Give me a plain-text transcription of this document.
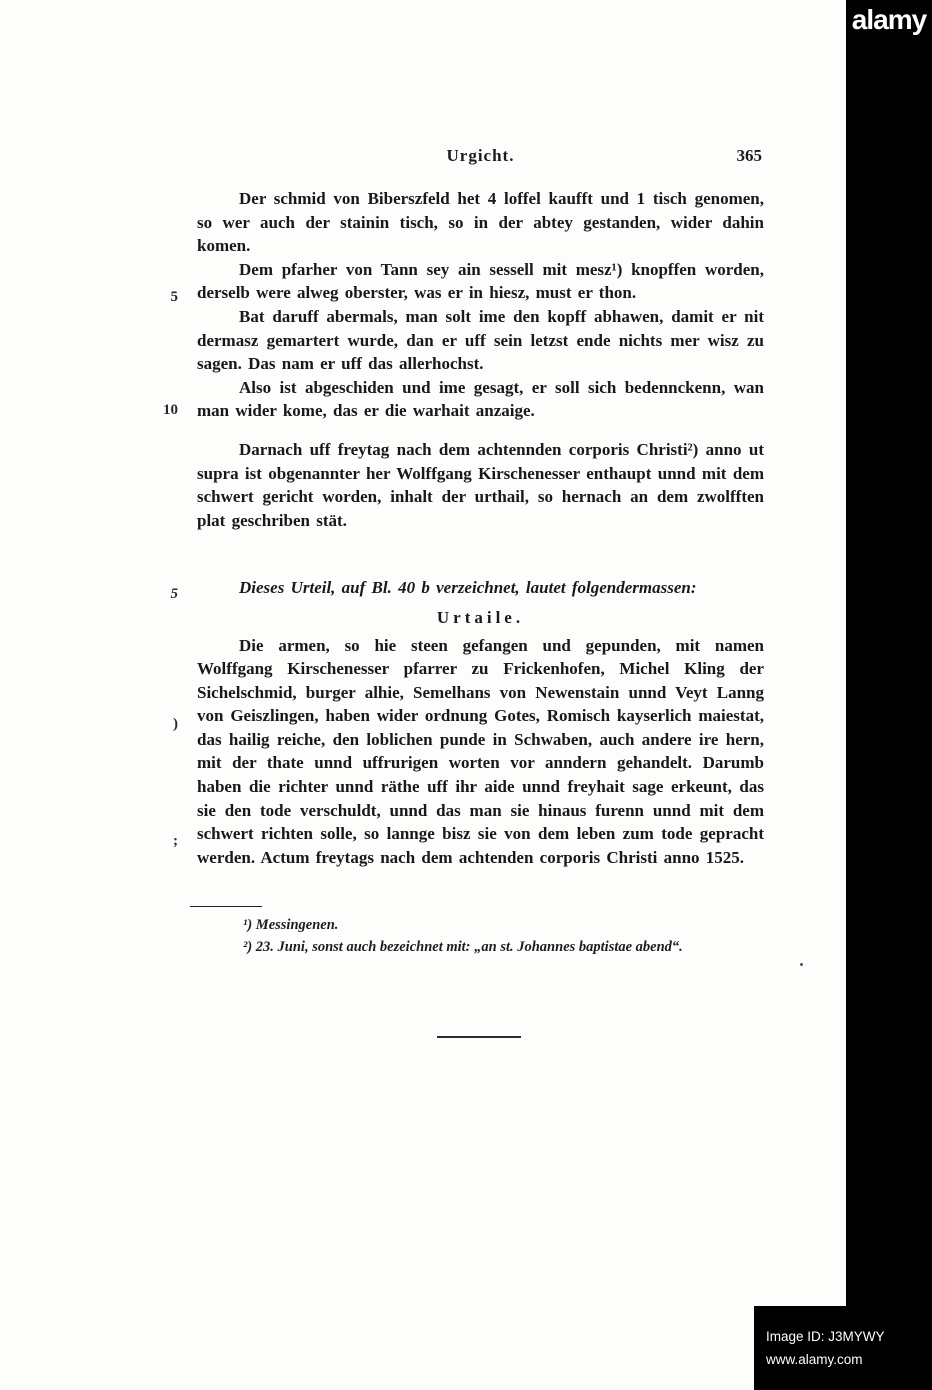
Urgicht.	365
5
10
5
)
;

Der schmid von Biberszfeld het 4 loffel kaufft und 1 tisch genomen, so wer auch der stainin tisch, so in der abtey gestanden, wider dahin komen.

Dem pfarher von Tann sey ain sessell mit mesz¹) knopffen worden, derselb were alweg oberster, was er in hiesz, must er thon.

Bat daruff abermals, man solt ime den kopff abhawen, damit er nit dermasz gemartert wurde, dan er uff sein letzst ende nichts mer wisz zu sagen. Das nam er uff das allerhochst.

Also ist abgeschiden und ime gesagt, er soll sich bedennckenn, wan man wider kome, das er die warhait anzaige.

Darnach uff freytag nach dem achtennden corporis Christi²) anno ut supra ist obgenannter her Wolffgang Kirschenesser enthaupt unnd mit dem schwert gericht worden, inhalt der urthail, so hernach an dem zwolfften plat geschriben stät.

Dieses Urteil, auf Bl. 40 b verzeichnet, lautet folgendermassen:

Urtaile.

Die armen, so hie steen gefangen und gepunden, mit namen Wolffgang Kirschenesser pfarrer zu Frickenhofen, Michel Kling der Sichelschmid, burger alhie, Semelhans von Newenstain unnd Veyt Lanng von Geiszlingen, haben wider ordnung Gotes, Romisch kayserlich maiestat, das hailig reiche, den loblichen punde in Schwaben, auch andere ire hern, mit der thate unnd uffrurigen worten vor anndern gehandelt. Darumb haben die richter unnd räthe uff ihr aide unnd freyhait sage erkeunt, das sie den tode verschuldt, unnd das man sie hinaus furenn unnd mit dem schwert richten solle, so lannge bisz sie von dem leben zum tode gepracht werden. Actum freytags nach dem achtenden corporis Christi anno 1525.

¹) Messingenen.

²) 23. Juni, sonst auch bezeichnet mit: „an st. Johannes baptistae abend“.

alamy
Image ID: J3MYWY
www.alamy.com
